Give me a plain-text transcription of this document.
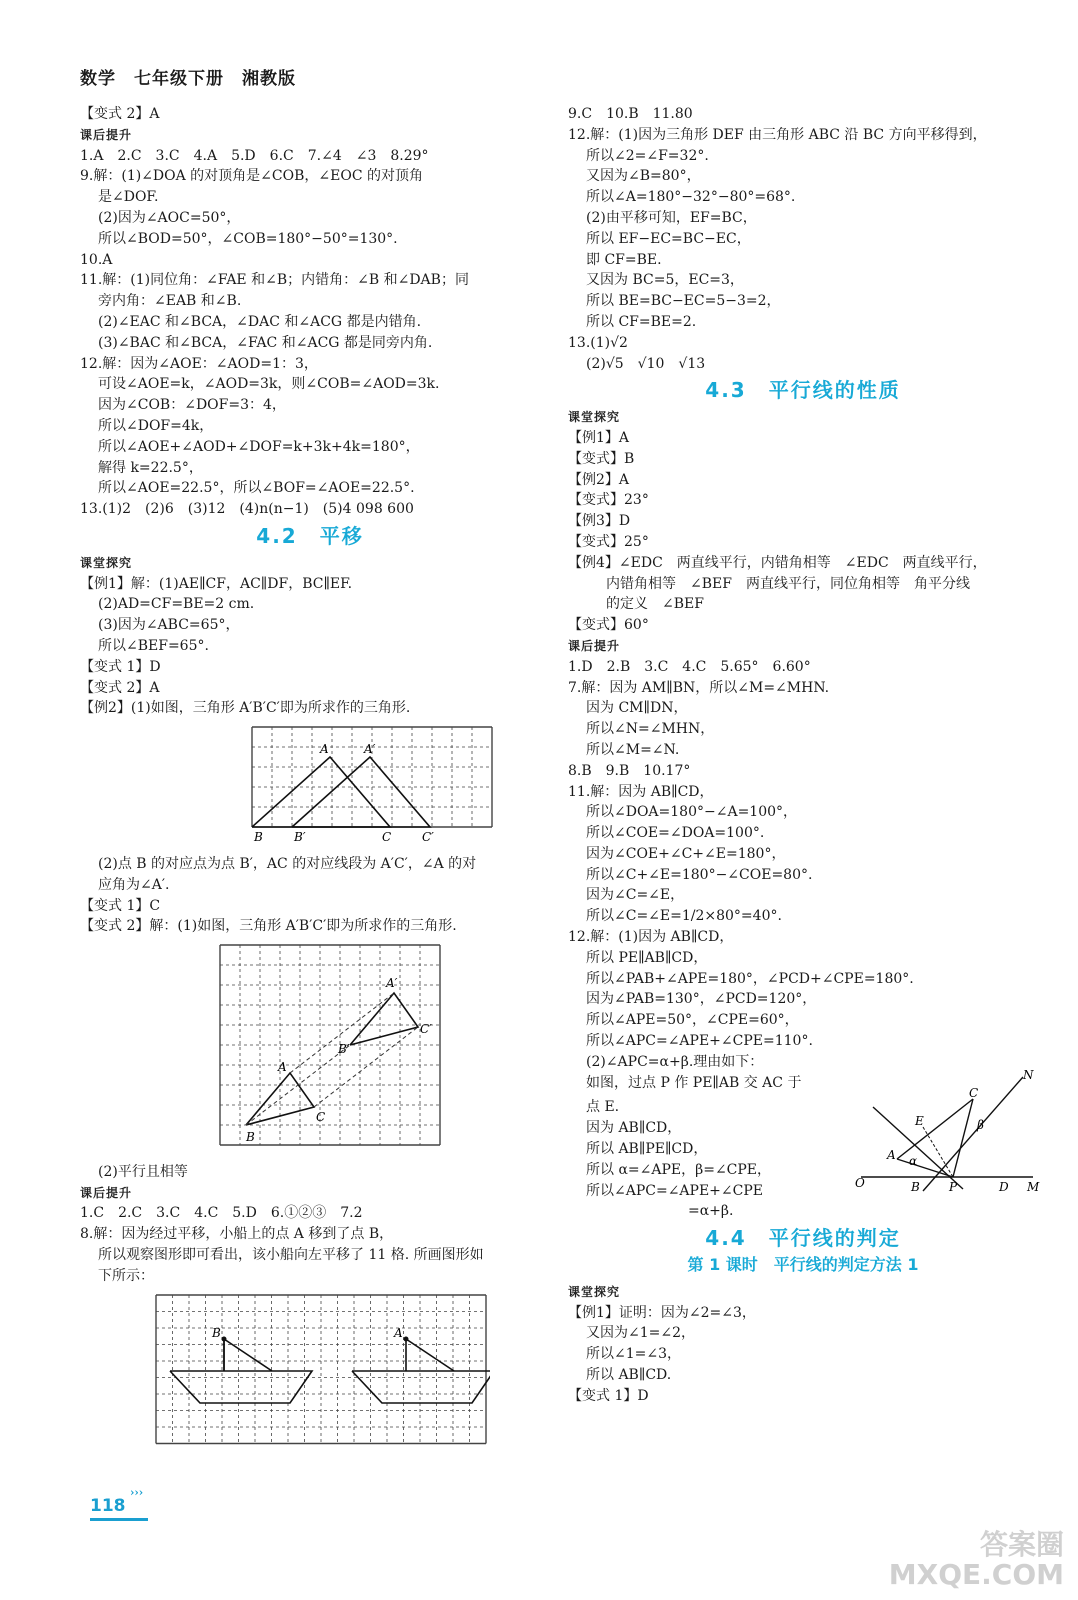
数学　七年级下册　湘教版
【变式 2】A
课后提升
1.A　2.C　3.C　4.A　5.D　6.C　7.∠4　∠3　8.29°
9.解：(1)∠DOA 的对顶角是∠COB，∠EOC 的对顶角
是∠DOF.
(2)因为∠AOC=50°，
所以∠BOD=50°，∠COB=180°−50°=130°.
10.A
11.解：(1)同位角：∠FAE 和∠B；内错角：∠B 和∠DAB；同
旁内角：∠EAB 和∠B.
(2)∠EAC 和∠BCA，∠DAC 和∠ACG 都是内错角.
(3)∠BAC 和∠BCA，∠FAC 和∠ACG 都是同旁内角.
12.解：因为∠AOE：∠AOD=1：3，
可设∠AOE=k，∠AOD=3k，则∠COB=∠AOD=3k.
因为∠COB：∠DOF=3：4，
所以∠DOF=4k，
所以∠AOE+∠AOD+∠DOF=k+3k+4k=180°，
解得 k=22.5°，
所以∠AOE=22.5°，所以∠BOF=∠AOE=22.5°.
13.(1)2　(2)6　(3)12　(4)n(n−1)　(5)4 098 600
4.2　平移
课堂探究
【例1】解：(1)AE∥CF，AC∥DF，BC∥EF.
(2)AD=CF=BE=2 cm.
(3)因为∠ABC=65°，
所以∠BEF=65°.
【变式 1】D
【变式 2】A
【例2】(1)如图，三角形 A′B′C′即为所求作的三角形.
A	A′
B	B′	C	C′
(2)点 B 的对应点为点 B′，AC 的对应线段为 A′C′，∠A 的对
应角为∠A′.
【变式 1】C
【变式 2】解：(1)如图，三角形 A′B′C′即为所求作的三角形.
A′
A
B′
B
C′
C
(2)平行且相等
课后提升
1.C　2.C　3.C　4.C　5.D　6.①②③　7.2
8.解：因为经过平移，小船上的点 A 移到了点 B，
所以观察图形即可看出，该小船向左平移了 11 格. 所画图形如
下所示：
B	A
9.C　10.B　11.80
12.解：(1)因为三角形 DEF 由三角形 ABC 沿 BC 方向平移得到，
所以∠2=∠F=32°.
又因为∠B=80°，
所以∠A=180°−32°−80°=68°.
(2)由平移可知，EF=BC，
所以 EF−EC=BC−EC，
即 CF=BE.
又因为 BC=5，EC=3，
所以 BE=BC−EC=5−3=2，
所以 CF=BE=2.
13.(1)√2
(2)√5　√10　√13
4.3　平行线的性质
课堂探究
【例1】A
【变式】B
【例2】A
【变式】23°
【例3】D
【变式】25°
【例4】∠EDC　两直线平行，内错角相等　∠EDC　两直线平行，
内错角相等　∠BEF　两直线平行，同位角相等　角平分线
的定义　∠BEF
【变式】60°
课后提升
1.D　2.B　3.C　4.C　5.65°　6.60°
7.解：因为 AM∥BN，所以∠M=∠MHN.
因为 CM∥DN，
所以∠N=∠MHN，
所以∠M=∠N.
8.B　9.B　10.17°
11.解：因为 AB∥CD，
所以∠DOA=180°−∠A=100°，
所以∠COE=∠DOA=100°.
因为∠COE+∠C+∠E=180°，
所以∠C+∠E=180°−∠COE=80°.
因为∠C=∠E，
所以∠C=∠E=1/2×80°=40°.
12.解：(1)因为 AB∥CD，
所以 PE∥AB∥CD，
所以∠PAB+∠APE=180°，∠PCD+∠CPE=180°.
因为∠PAB=130°，∠PCD=120°，
所以∠APE=50°，∠CPE=60°，
所以∠APC=∠APE+∠CPE=110°.
(2)∠APC=α+β.理由如下：
如图，过点 P 作 PE∥AB 交 AC 于	N
C
E	β
A α
O	B P	D M
点 E.
因为 AB∥CD，
所以 AB∥PE∥CD，
所以 α=∠APE，β=∠CPE，
所以∠APC=∠APE+∠CPE
=α+β.
4.4　平行线的判定
第 1 课时　平行线的判定方法 1
课堂探究
【例1】证明：因为∠2=∠3，
又因为∠1=∠2，
所以∠1=∠3，
所以 AB∥CD.
【变式 1】D
118
›››
答案圈
MXQE.COM
